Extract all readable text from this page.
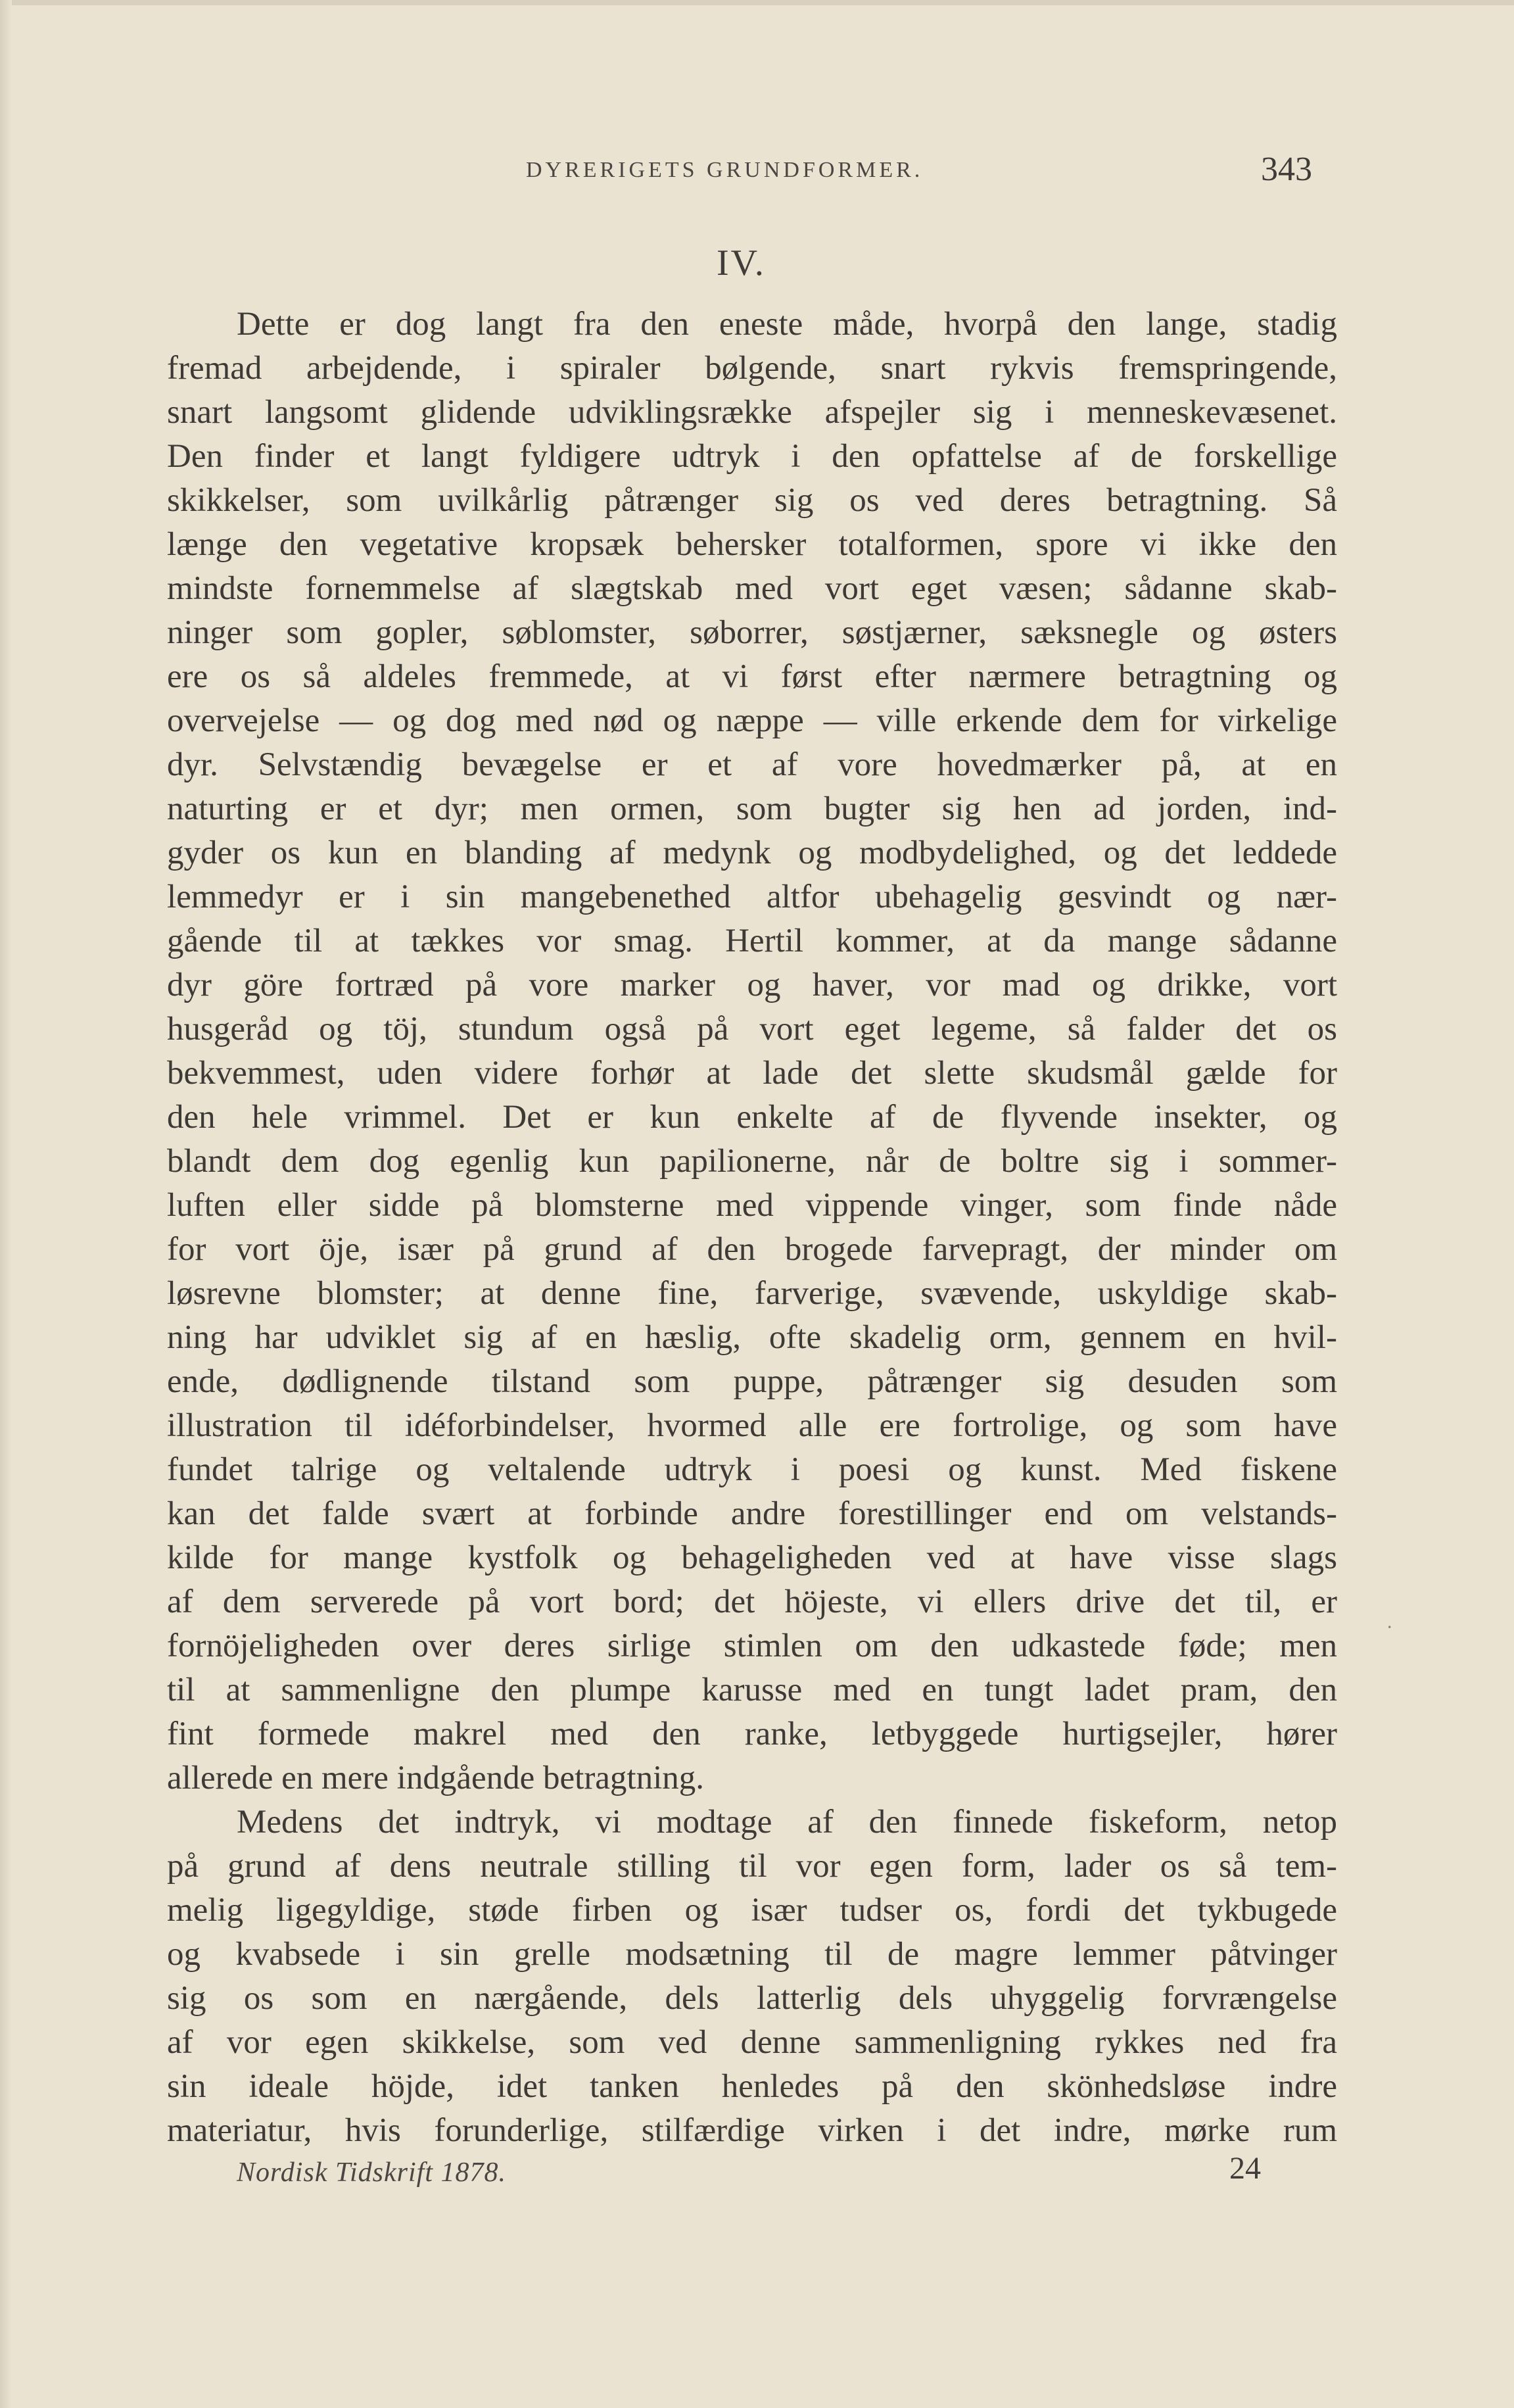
DYRERIGETS GRUNDFORMER.	343
IV.
Dette er dog langt fra den eneste måde, hvorpå den lange, stadig
fremad arbejdende, i spiraler bølgende, snart rykvis fremspringende,
snart langsomt glidende udviklingsrække afspejler sig i menneskevæsenet.
Den finder et langt fyldigere udtryk i den opfattelse af de forskellige
skikkelser, som uvilkårlig påtrænger sig os ved deres betragtning. Så
længe den vegetative kropsæk behersker totalformen, spore vi ikke den
mindste fornemmelse af slægtskab med vort eget væsen; sådanne skab-
ninger som gopler, søblomster, søborrer, søstjærner, sæksnegle og østers
ere os så aldeles fremmede, at vi først efter nærmere betragtning og
overvejelse — og dog med nød og næppe — ville erkende dem for virkelige
dyr. Selvstændig bevægelse er et af vore hovedmærker på, at en
naturting er et dyr; men ormen, som bugter sig hen ad jorden, ind-
gyder os kun en blanding af medynk og modbydelighed, og det leddede
lemmedyr er i sin mangebenethed altfor ubehagelig gesvindt og nær-
gående til at tækkes vor smag. Hertil kommer, at da mange sådanne
dyr göre fortræd på vore marker og haver, vor mad og drikke, vort
husgeråd og töj, stundum også på vort eget legeme, så falder det os
bekvemmest, uden videre forhør at lade det slette skudsmål gælde for
den hele vrimmel. Det er kun enkelte af de flyvende insekter, og
blandt dem dog egenlig kun papilionerne, når de boltre sig i sommer-
luften eller sidde på blomsterne med vippende vinger, som finde nåde
for vort öje, især på grund af den brogede farvepragt, der minder om
løsrevne blomster; at denne fine, farverige, svævende, uskyldige skab-
ning har udviklet sig af en hæslig, ofte skadelig orm, gennem en hvil-
ende, dødlignende tilstand som puppe, påtrænger sig desuden som
illustration til idéforbindelser, hvormed alle ere fortrolige, og som have
fundet talrige og veltalende udtryk i poesi og kunst. Med fiskene
kan det falde svært at forbinde andre forestillinger end om velstands-
kilde for mange kystfolk og behageligheden ved at have visse slags
af dem serverede på vort bord; det höjeste, vi ellers drive det til, er
fornöjeligheden over deres sirlige stimlen om den udkastede føde; men
til at sammenligne den plumpe karusse med en tungt ladet pram, den
fint formede makrel med den ranke, letbyggede hurtigsejler, hører
allerede en mere indgående betragtning.
Medens det indtryk, vi modtage af den finnede fiskeform, netop
på grund af dens neutrale stilling til vor egen form, lader os så tem-
melig ligegyldige, støde firben og især tudser os, fordi det tykbugede
og kvabsede i sin grelle modsætning til de magre lemmer påtvinger
sig os som en nærgående, dels latterlig dels uhyggelig forvrængelse
af vor egen skikkelse, som ved denne sammenligning rykkes ned fra
sin ideale höjde, idet tanken henledes på den skönhedsløse indre
materiatur, hvis forunderlige, stilfærdige virken i det indre, mørke rum
Nordisk Tidskrift 1878.	24
˙
